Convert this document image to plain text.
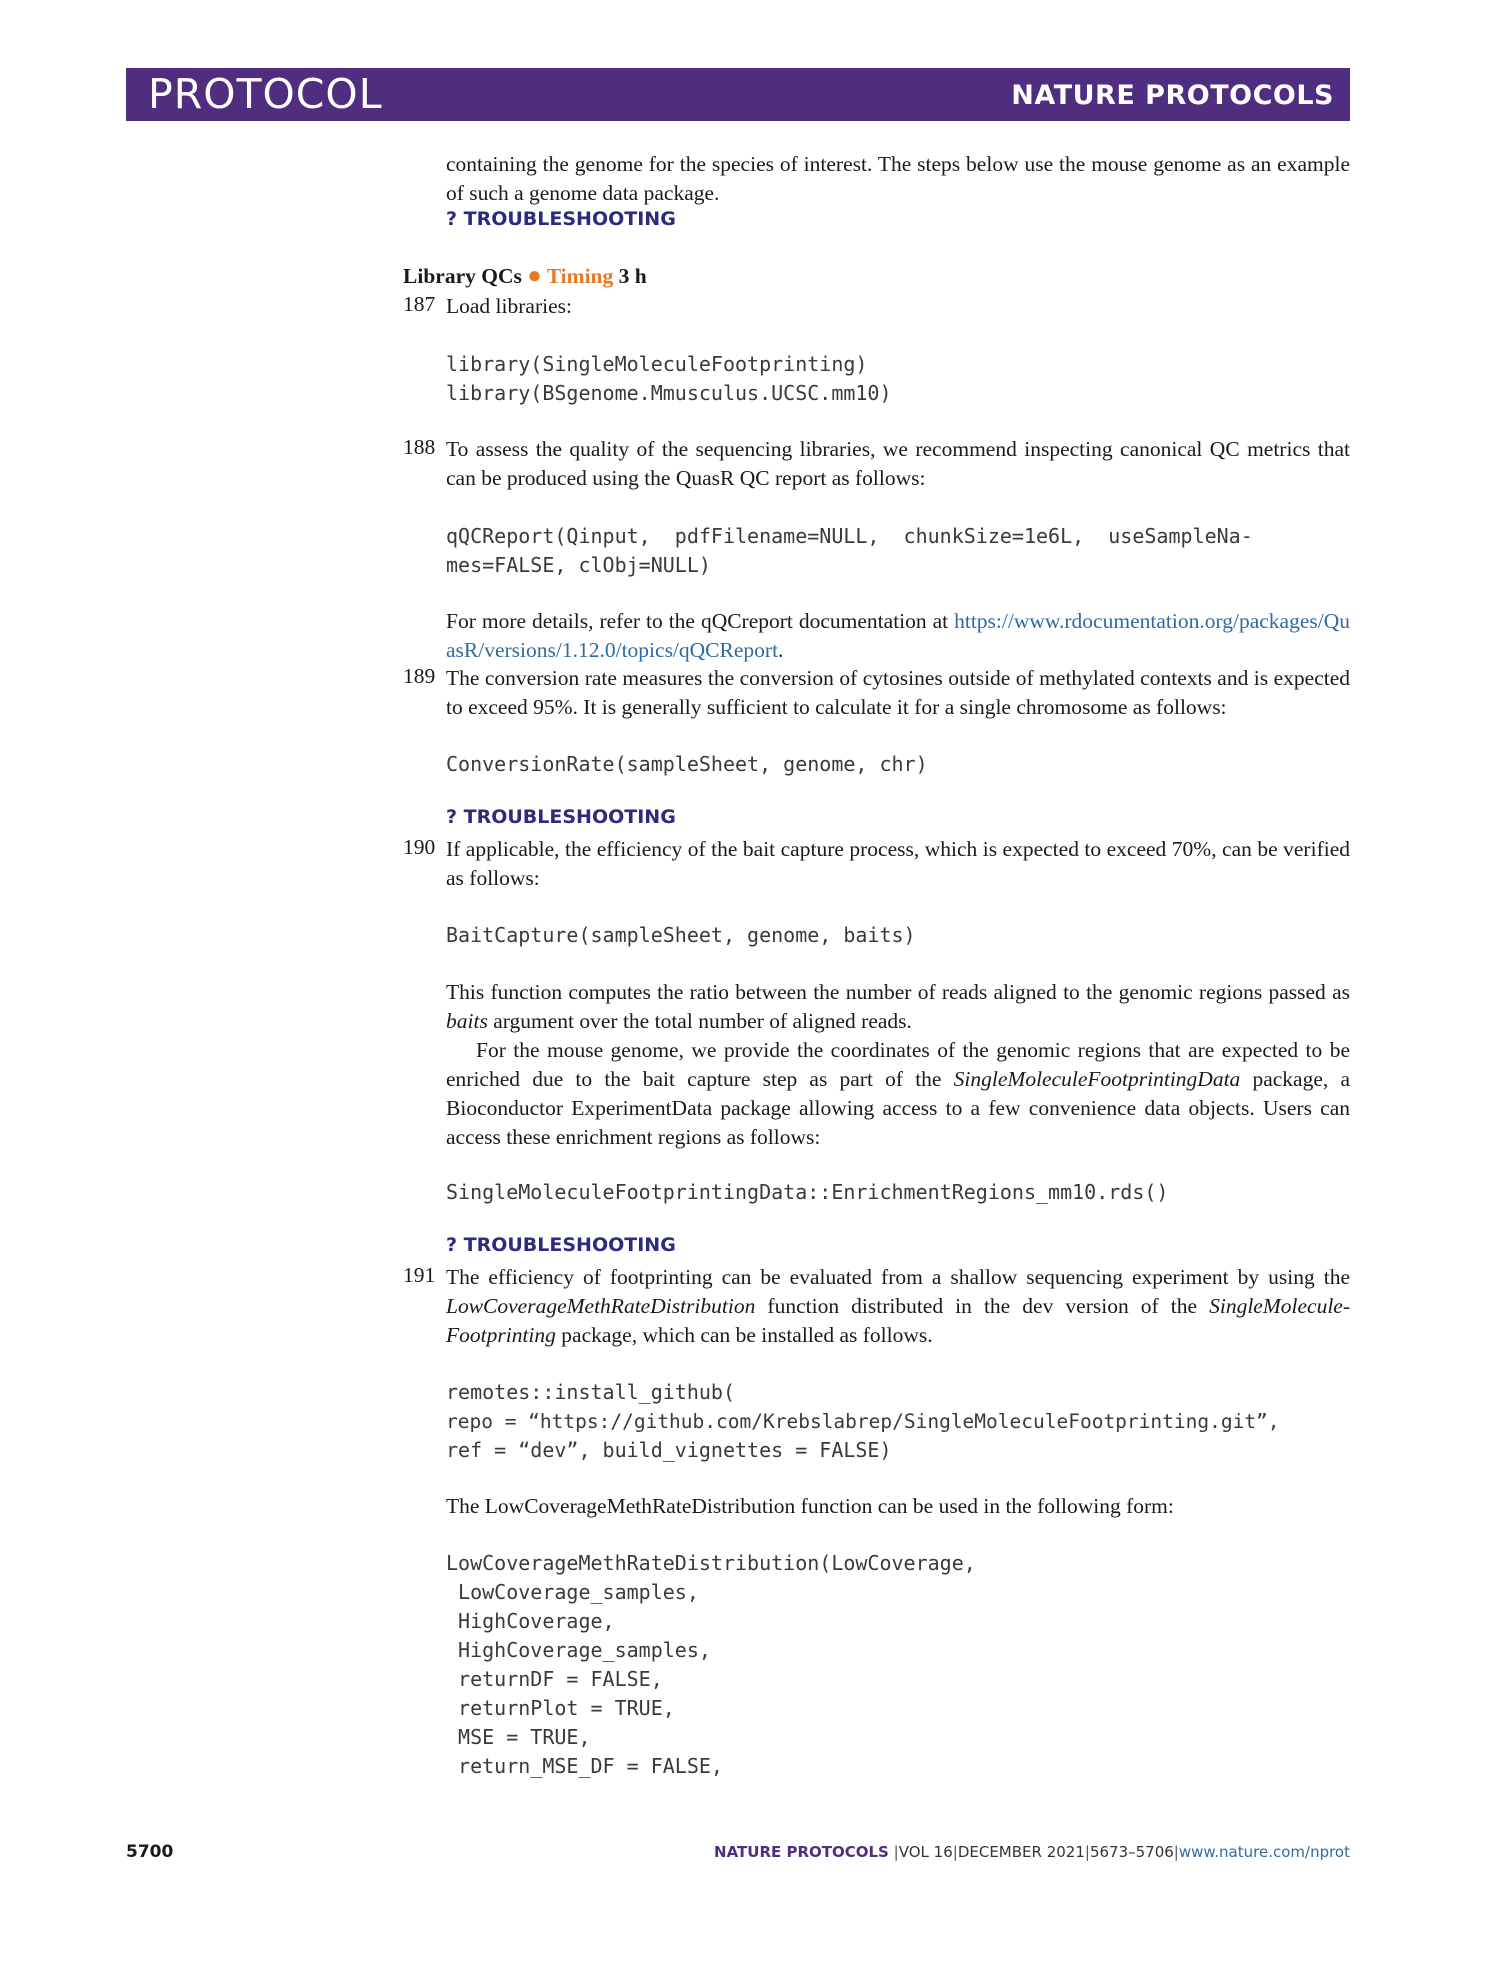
PROTOCOL	NATURE PROTOCOLS
containing the genome for the species of interest. The steps below use the mouse genome as an example of such a genome data package.
? TROUBLESHOOTING
Library QCs ● Timing 3 h
187 Load libraries:
library(SingleMoleculeFootprinting)
library(BSgenome.Mmusculus.UCSC.mm10)
188 To assess the quality of the sequencing libraries, we recommend inspecting canonical QC metrics that can be produced using the QuasR QC report as follows:
qQCReport(Qinput,  pdfFilename=NULL,  chunkSize=1e6L,  useSampleNa-
mes=FALSE, clObj=NULL)
For more details, refer to the qQCreport documentation at https://www.rdocumentation.org/packages/QuasR/versions/1.12.0/topics/qQCReport.
189 The conversion rate measures the conversion of cytosines outside of methylated contexts and is expected to exceed 95%. It is generally sufficient to calculate it for a single chromosome as follows:
ConversionRate(sampleSheet, genome, chr)
? TROUBLESHOOTING
190 If applicable, the efficiency of the bait capture process, which is expected to exceed 70%, can be verified as follows:
BaitCapture(sampleSheet, genome, baits)
This function computes the ratio between the number of reads aligned to the genomic regions passed as baits argument over the total number of aligned reads.
For the mouse genome, we provide the coordinates of the genomic regions that are expected to be enriched due to the bait capture step as part of the SingleMoleculeFootprintingData package, a Bioconductor ExperimentData package allowing access to a few convenience data objects. Users can access these enrichment regions as follows:
SingleMoleculeFootprintingData::EnrichmentRegions_mm10.rds()
? TROUBLESHOOTING
191 The efficiency of footprinting can be evaluated from a shallow sequencing experiment by using the LowCoverageMethRateDistribution function distributed in the dev version of the SingleMolecule-Footprinting package, which can be installed as follows.
remotes::install_github(
repo = “https://github.com/Krebslabrep/SingleMoleculeFootprinting.git”,
ref = “dev”, build_vignettes = FALSE)
The LowCoverageMethRateDistribution function can be used in the following form:
LowCoverageMethRateDistribution(LowCoverage,
LowCoverage_samples,
HighCoverage,
HighCoverage_samples,
returnDF = FALSE,
returnPlot = TRUE,
MSE = TRUE,
return_MSE_DF = FALSE,
5700	NATURE PROTOCOLS |VOL 16|DECEMBER 2021|5673–5706|www.nature.com/nprot
